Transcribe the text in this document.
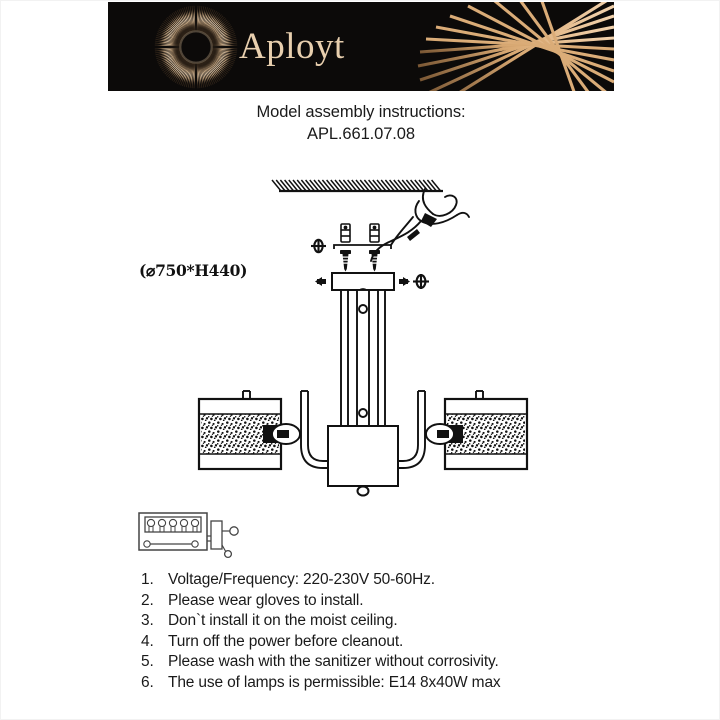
Aployt
Model assembly instructions:
APL.661.07.08
(⌀750*H440)
1. Voltage/Frequency: 220-230V 50-60Hz.
2. Please wear gloves to install.
3. Don`t install it on the moist ceiling.
4. Turn off the power before cleanout.
5. Please wash with the sanitizer without corrosivity.
6. The use of lamps is permissible: E14 8x40W max
